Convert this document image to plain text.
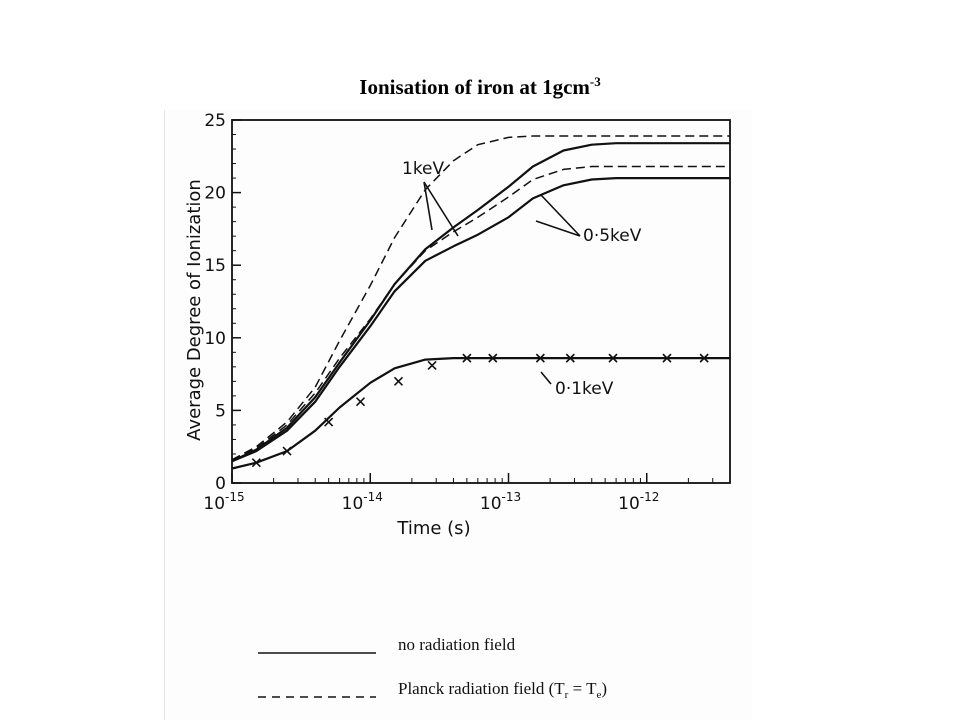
Ionisation of iron at 1gcm$^{-3}$
0
5
10
15
20
25
$10^{-15}$	$10^{-14}$	$10^{-13}$	$10^{-12}$
1keV
0·5keV
0·1keV
Time (s)
Average Degree of Ionization
no radiation field
Planck radiation field $(T_r = T_e)$
